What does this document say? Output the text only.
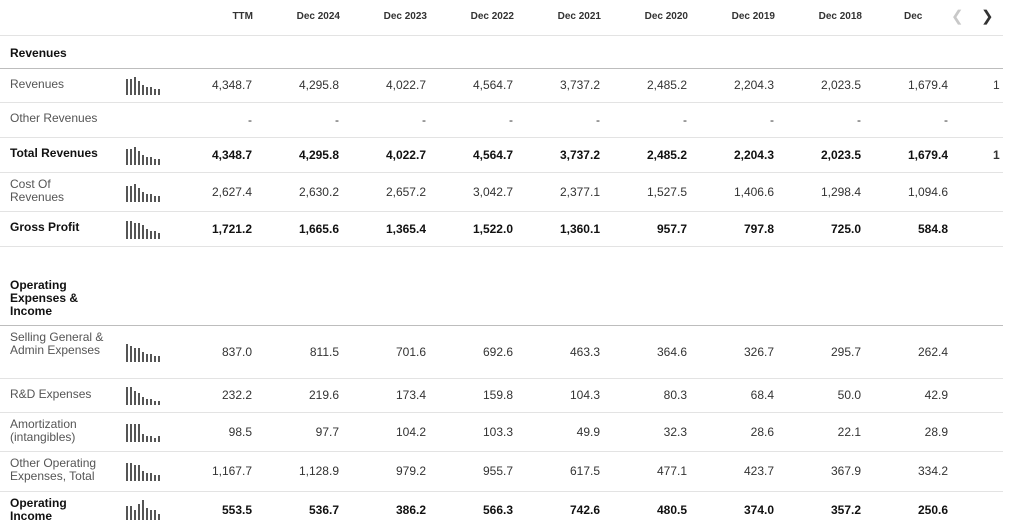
TTM	Dec 2024	Dec 2023	Dec 2022	Dec 2021	Dec 2020	Dec 2019	Dec 2018	Dec	❮ ❯
Revenues
Revenues	4,348.7	4,295.8	4,022.7	4,564.7	3,737.2	2,485.2	2,204.3	2,023.5	1,679.4	1
Other Revenues	-	-	-	-	-	-	-	-	-
Total Revenues	4,348.7	4,295.8	4,022.7	4,564.7	3,737.2	2,485.2	2,204.3	2,023.5	1,679.4	1
Cost Of Revenues	2,627.4	2,630.2	2,657.2	3,042.7	2,377.1	1,527.5	1,406.6	1,298.4	1,094.6
Gross Profit	1,721.2	1,665.6	1,365.4	1,522.0	1,360.1	957.7	797.8	725.0	584.8
Operating Expenses & Income
Selling General & Admin Expenses	837.0	811.5	701.6	692.6	463.3	364.6	326.7	295.7	262.4
R&D Expenses	232.2	219.6	173.4	159.8	104.3	80.3	68.4	50.0	42.9
Amortization (intangibles)	98.5	97.7	104.2	103.3	49.9	32.3	28.6	22.1	28.9
Other Operating Expenses, Total	1,167.7	1,128.9	979.2	955.7	617.5	477.1	423.7	367.9	334.2
Operating Income	553.5	536.7	386.2	566.3	742.6	480.5	374.0	357.2	250.6
